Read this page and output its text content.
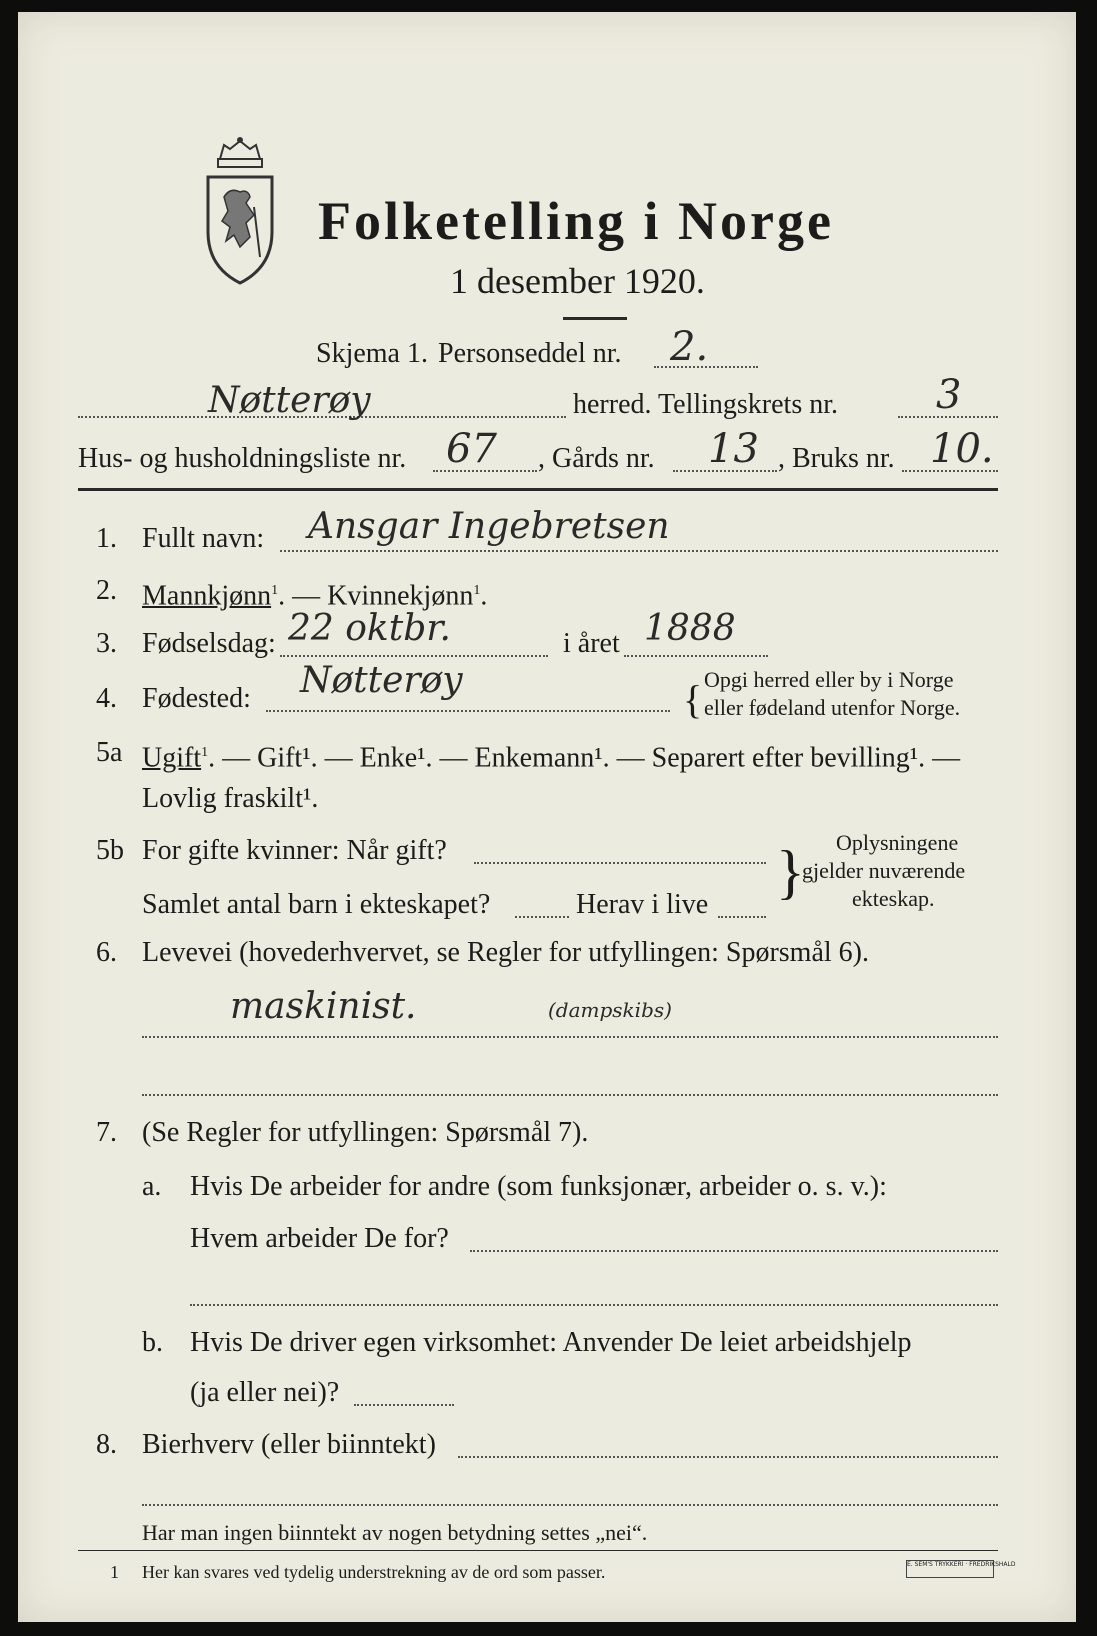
Folketelling i Norge
1 desember 1920.
Skjema 1. Personseddel nr. 2.
Nøtterøy	herred. Tellingskrets nr. 3
Hus- og husholdningsliste nr. 67 , Gårds nr. 13 , Bruks nr. 10.
1. Fullt navn: Ansgar Ingebretsen
2. Mannkjønn$^1$. — Kvinnekjønn$^1$.
3. Fødselsdag: 22 oktbr.	i året 1888
4. Fødested: Nøtterøy	{ Opgi herred eller by i Norge
eller fødeland utenfor Norge.
5a Ugift$^1$. — Gift¹. — Enke¹. — Enkemann¹. — Separert efter bevilling¹. —
Lovlig fraskilt¹.
5b For gifte kvinner: Når gift?
Samlet antal barn i ekteskapet?	Herav i live } Oplysningene
gjelder nuværende
ekteskap.
6. Levevei (hovederhvervet, se Regler for utfyllingen: Spørsmål 6).
maskinist.	(dampskibs)
7. (Se Regler for utfyllingen: Spørsmål 7).
a. Hvis De arbeider for andre (som funksjonær, arbeider o. s. v.):
Hvem arbeider De for?
b. Hvis De driver egen virksomhet: Anvender De leiet arbeidshjelp
(ja eller nei)?
8. Bierhverv (eller biinntekt)
Har man ingen biinntekt av nogen betydning settes „nei“.
1 Her kan svares ved tydelig understrekning av de ord som passer.	E. SEM'S TRYKKERI · FREDRIKSHALD
